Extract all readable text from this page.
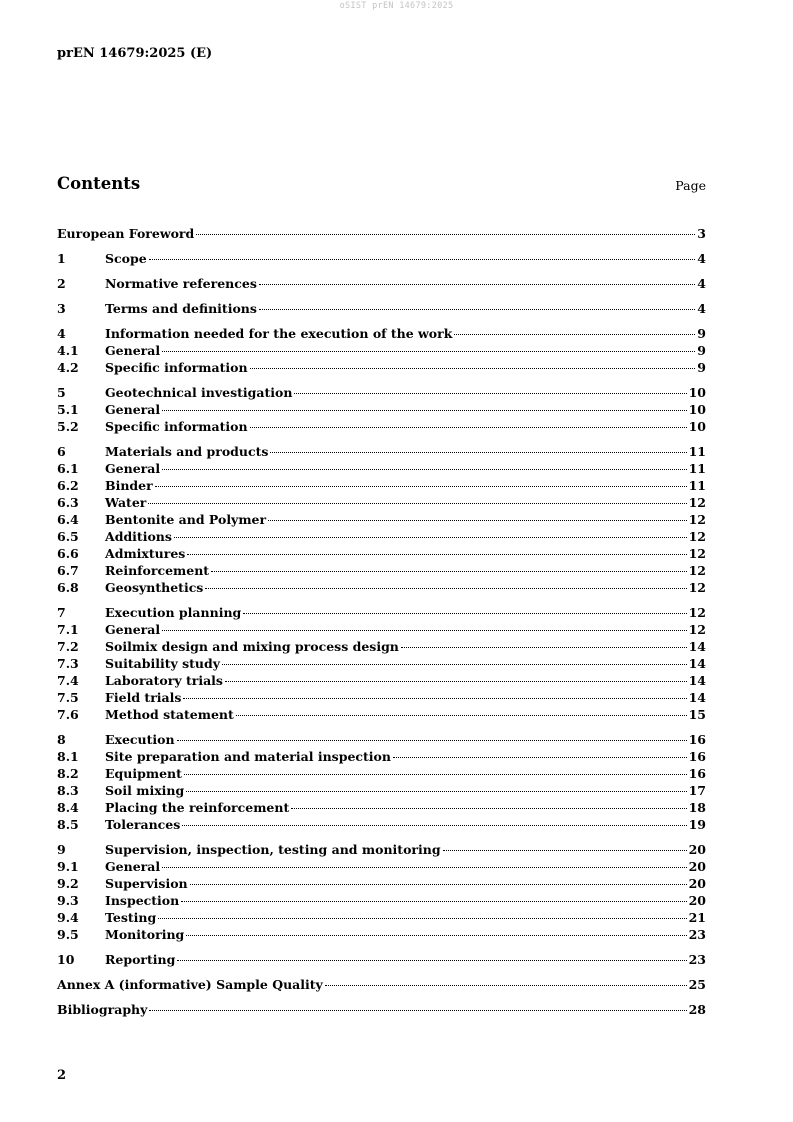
oSIST prEN 14679:2025
prEN 14679:2025 (E)
Contents	Page
European Foreword	3
1	Scope	4
2	Normative references	4
3	Terms and definitions	4
4	Information needed for the execution of the work	9
4.1	General	9
4.2	Specific information	9
5	Geotechnical investigation	10
5.1	General	10
5.2	Specific information	10
6	Materials and products	11
6.1	General	11
6.2	Binder	11
6.3	Water	12
6.4	Bentonite and Polymer	12
6.5	Additions	12
6.6	Admixtures	12
6.7	Reinforcement	12
6.8	Geosynthetics	12
7	Execution planning	12
7.1	General	12
7.2	Soilmix design and mixing process design	14
7.3	Suitability study	14
7.4	Laboratory trials	14
7.5	Field trials	14
7.6	Method statement	15
8	Execution	16
8.1	Site preparation and material inspection	16
8.2	Equipment	16
8.3	Soil mixing	17
8.4	Placing the reinforcement	18
8.5	Tolerances	19
9	Supervision, inspection, testing and monitoring	20
9.1	General	20
9.2	Supervision	20
9.3	Inspection	20
9.4	Testing	21
9.5	Monitoring	23
10	Reporting	23
Annex A (informative) Sample Quality	25
Bibliography	28
2
